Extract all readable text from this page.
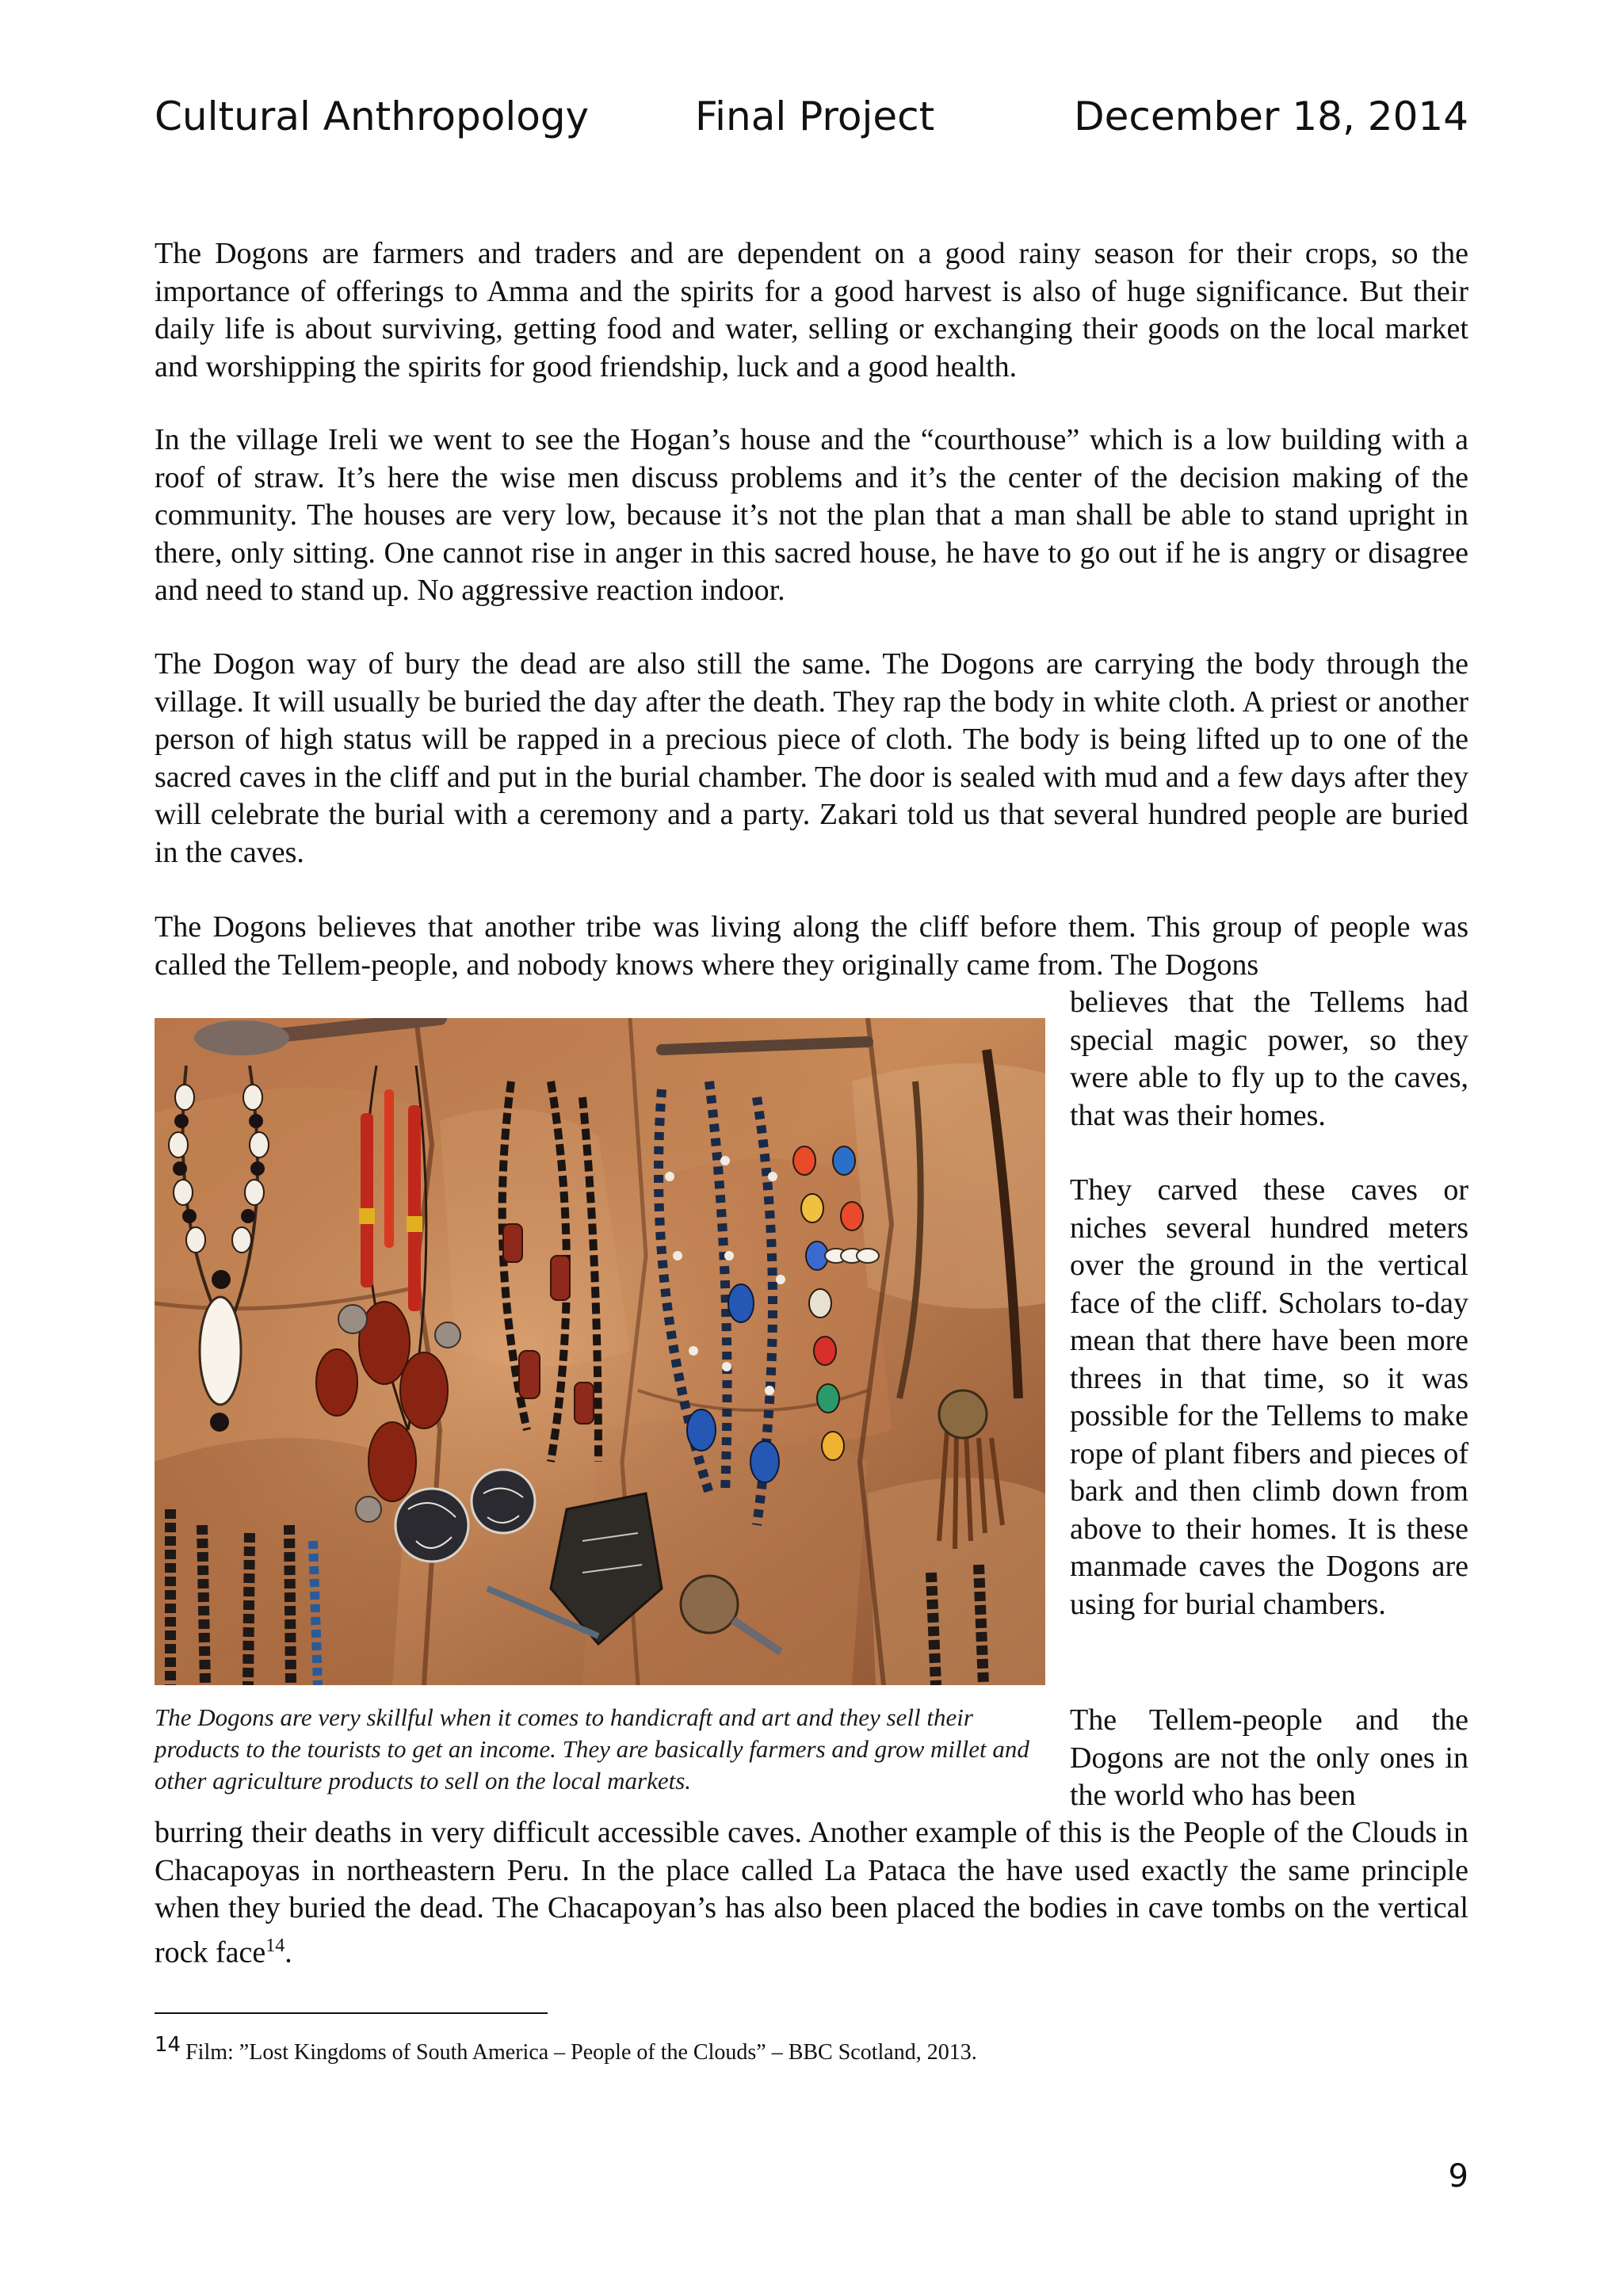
Cultural Anthropology	Final Project	December 18, 2014
The Dogons are farmers and traders and are dependent on a good rainy season for their crops, so the importance of offerings to Amma and the spirits for a good harvest is also of huge significance. But their daily life is about surviving, getting food and water, selling or exchanging their goods on the local market and worshipping the spirits for good friendship, luck and a good health.
In the village Ireli we went to see the Hogan’s house and the “courthouse” which is a low building with a roof of straw. It’s here the wise men discuss problems and it’s the center of the decision making of the community. The houses are very low, because it’s not the plan that a man shall be able to stand upright in there, only sitting. One cannot rise in anger in this sacred house, he have to go out if he is angry or disagree and need to stand up. No aggressive reaction indoor.
The Dogon way of bury the dead are also still the same. The Dogons are carrying the body through the village. It will usually be buried the day after the death. They rap the body in white cloth. A priest or another person of high status will be rapped in a precious piece of cloth. The body is being lifted up to one of the sacred caves in the cliff and put in the burial chamber. The door is sealed with mud and a few days after they will celebrate the burial with a ceremony and a party. Zakari told us that several hundred people are buried in the caves.
The Dogons believes that another tribe was living along the cliff before them. This group of people was called the Tellem-people, and nobody knows where they originally came from. The Dogons
believes that the Tellems had special magic power, so they were able to fly up to the caves, that was their homes.
They carved these caves or niches several hundred meters over the ground in the vertical face of the cliff. Scholars to-day mean that there have been more threes in that time, so it was possible for the Tellems to make rope of plant fibers and pieces of bark and then climb down from above to their homes. It is these manmade caves the Dogons are using for burial chambers.
The Dogons are very skillful when it comes to handicraft and art and they sell their products to the tourists to get an income. They are basically farmers and grow millet and other agriculture products to sell on the local markets.
The Tellem-people and the Dogons are not the only ones in the world who has been
burring their deaths in very difficult accessible caves. Another example of this is the People of the Clouds in Chacapoyas in northeastern Peru. In the place called La Pataca the have used exactly the same principle when they buried the dead. The Chacapoyan’s has also been placed the bodies in cave tombs on the vertical rock face$^{14}$.
14 Film: ”Lost Kingdoms of South America – People of the Clouds” – BBC Scotland, 2013.
9
